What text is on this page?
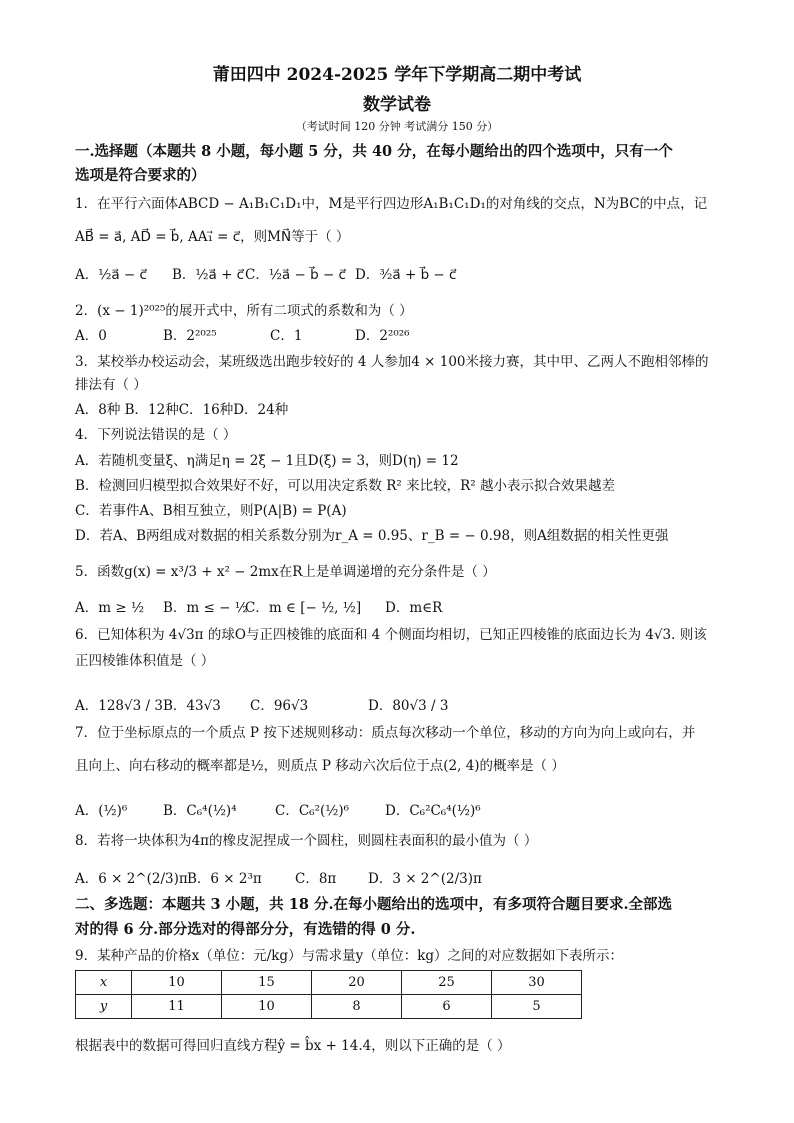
莆田四中 2024-2025 学年下学期高二期中考试
数学试卷
（考试时间 120 分钟 考试满分 150 分）
一.选择题（本题共 8 小题，每小题 5 分，共 40 分，在每小题给出的四个选项中，只有一个
选项是符合要求的）
1．在平行六面体ABCD − A₁B₁C₁D₁中，M是平行四边形A₁B₁C₁D₁的对角线的交点，N为BC的中点，记
AB⃗ = a⃗, AD⃗ = b⃗, AA₁⃗ = c⃗，则MN⃗等于（ ）
A．½a⃗ − c⃗ B．½a⃗ + c⃗ C．½a⃗ − b⃗ − c⃗ D．³⁄₂a⃗ + b⃗ − c⃗
2．(x − 1)²⁰²⁵的展开式中，所有二项式的系数和为（ ）
A．0	B．2²⁰²⁵	C．1	D．2²⁰²⁶
3．某校举办校运动会，某班级选出跑步较好的 4 人参加4 × 100米接力赛，其中甲、乙两人不跑相邻棒的
排法有（ ）
A．8种 B．12种C．16种D．24种
4．下列说法错误的是（ ）
A．若随机变量ξ、η满足η = 2ξ − 1且D(ξ) = 3，则D(η) = 12
B．检测回归模型拟合效果好不好，可以用决定系数 R² 来比较，R² 越小表示拟合效果越差
C．若事件A、B相互独立，则P(A|B) = P(A)
D．若A、B两组成对数据的相关系数分别为r_A = 0.95、r_B = − 0.98，则A组数据的相关性更强
5．函数g(x) = x³/3 + x² − 2mx在R上是单调递增的充分条件是（ ）
A．m ≥ ½ B．m ≤ − ½
C．m ∈ [− ½, ½] D．m∈R
6．已知体积为 4√3π 的球O与正四棱锥的底面和 4 个侧面均相切，已知正四棱锥的底面边长为 4√3. 则该
正四棱锥体积值是（ ）
A．128√3 / 3 B．43√3 C．96√3	D．80√3 / 3
7．位于坐标原点的一个质点 P 按下述规则移动：质点每次移动一个单位，移动的方向为向上或向右，并
且向上、向右移动的概率都是½，则质点 P 移动六次后位于点(2, 4)的概率是（ ）
A．(½)⁶	B．C₆⁴(½)⁴	C．C₆²(½)⁶	D．C₆²C₆⁴(½)⁶
8．若将一块体积为4π的橡皮泥捏成一个圆柱，则圆柱表面积的最小值为（ ）
A．6 × 2^(2/3)π B．6 × 2³π C．8π D．3 × 2^(2/3)π
二、多选题：本题共 3 小题，共 18 分.在每小题给出的选项中，有多项符合题目要求.全部选
对的得 6 分.部分选对的得部分分，有选错的得 0 分.
9．某种产品的价格x（单位：元/kg）与需求量y（单位：kg）之间的对应数据如下表所示：
x	10	15	20	25	30
y	11	10	8	6	5
根据表中的数据可得回归直线方程ŷ = b̂x + 14.4，则以下正确的是（ ）
